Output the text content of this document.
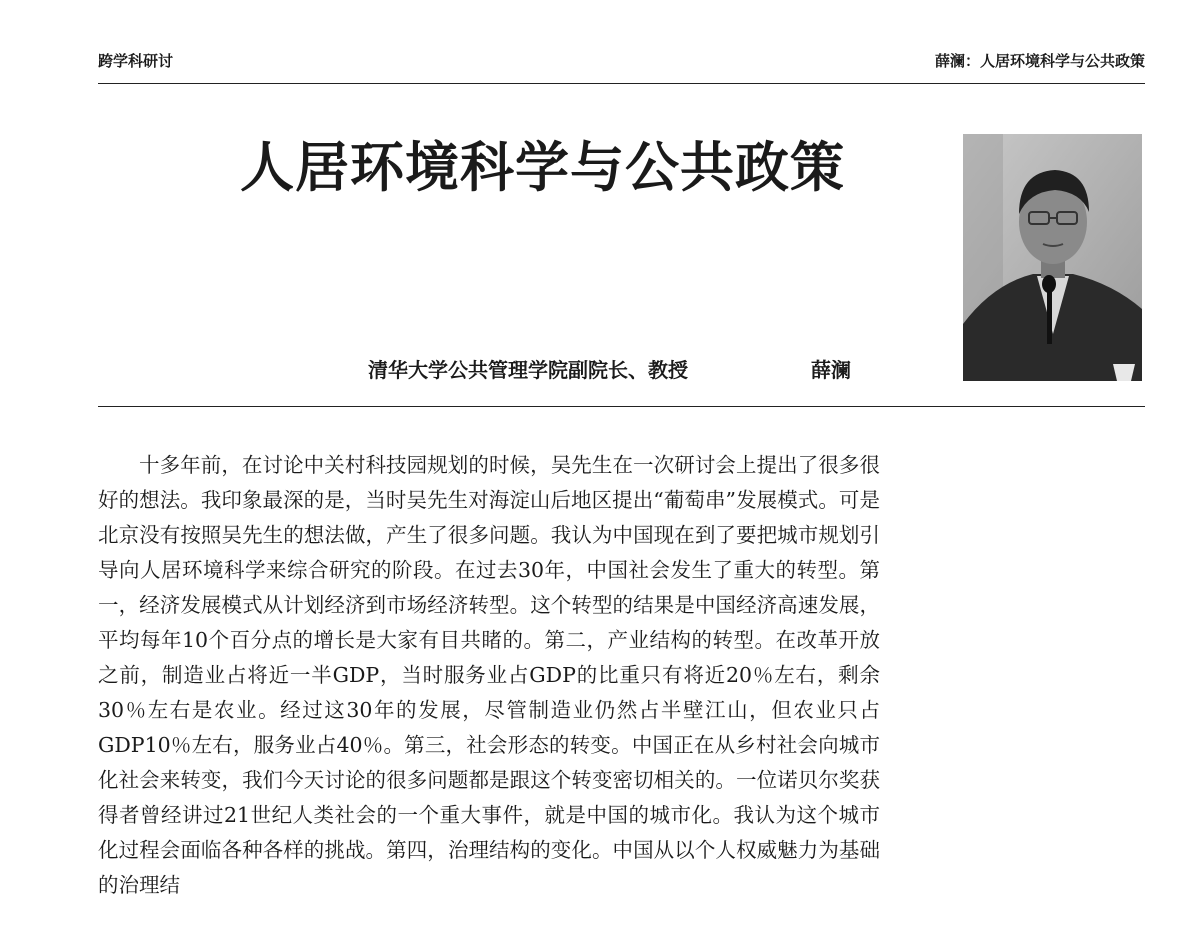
跨学科研讨	薛澜：人居环境科学与公共政策
人居环境科学与公共政策
清华大学公共管理学院副院长、教授	薛澜

十多年前，在讨论中关村科技园规划的时候，吴先生在一次研讨会上提出了很多很好的想法。我印象最深的是，当时吴先生对海淀山后地区提出“葡萄串”发展模式。可是北京没有按照吴先生的想法做，产生了很多问题。我认为中国现在到了要把城市规划引导向人居环境科学来综合研究的阶段。在过去30年，中国社会发生了重大的转型。第一，经济发展模式从计划经济到市场经济转型。这个转型的结果是中国经济高速发展，平均每年10个百分点的增长是大家有目共睹的。第二，产业结构的转型。在改革开放之前，制造业占将近一半GDP，当时服务业占GDP的比重只有将近20％左右，剩余30％左右是农业。经过这30年的发展，尽管制造业仍然占半壁江山，但农业只占GDP10％左右，服务业占40％。第三，社会形态的转变。中国正在从乡村社会向城市化社会来转变，我们今天讨论的很多问题都是跟这个转变密切相关的。一位诺贝尔奖获得者曾经讲过21世纪人类社会的一个重大事件，就是中国的城市化。我认为这个城市化过程会面临各种各样的挑战。第四，治理结构的变化。中国从以个人权威魅力为基础的治理结
